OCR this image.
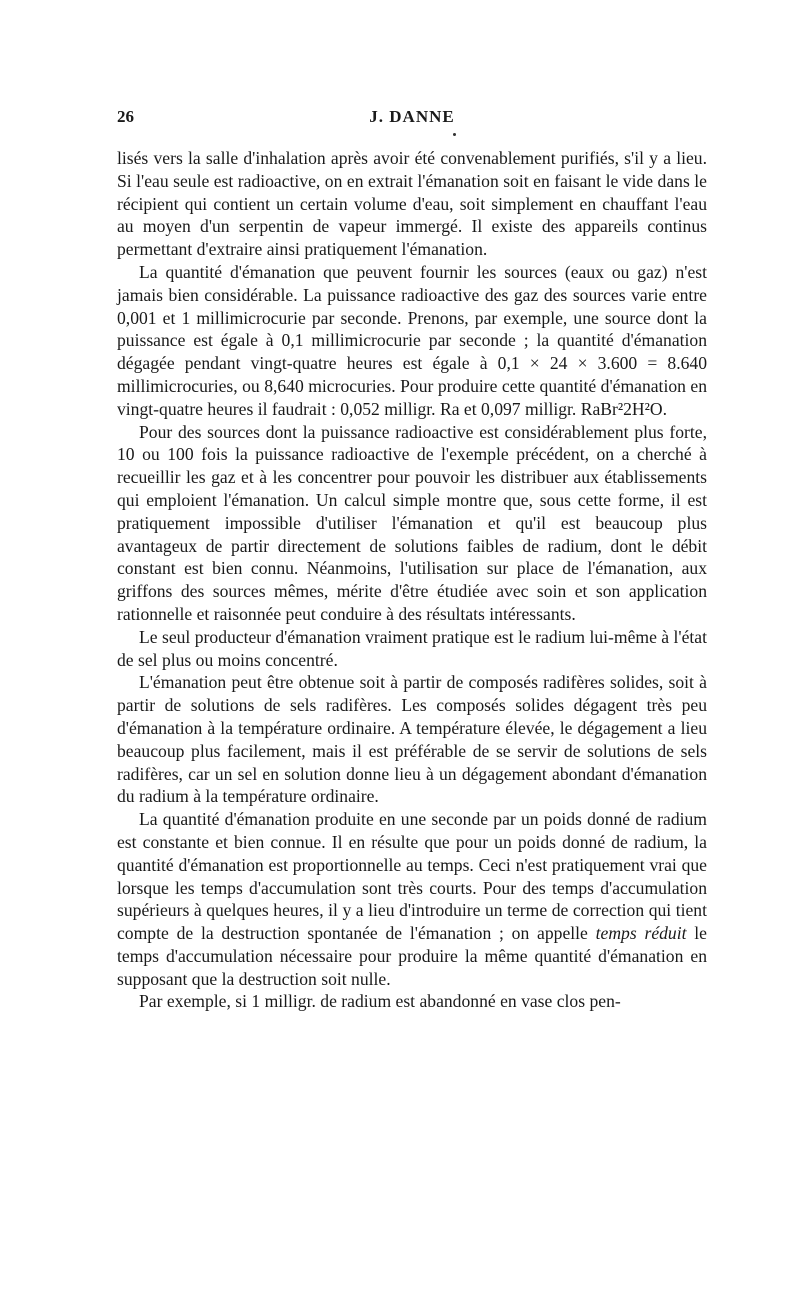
26	J. DANNE

lisés vers la salle d'inhalation après avoir été convenablement purifiés, s'il y a lieu. Si l'eau seule est radioactive, on en extrait l'émanation soit en faisant le vide dans le récipient qui contient un certain volume d'eau, soit simplement en chauffant l'eau au moyen d'un serpentin de vapeur immergé. Il existe des appareils continus permettant d'extraire ainsi pratiquement l'émanation.

La quantité d'émanation que peuvent fournir les sources (eaux ou gaz) n'est jamais bien considérable. La puissance radioactive des gaz des sources varie entre 0,001 et 1 millimicrocurie par seconde. Prenons, par exemple, une source dont la puissance est égale à 0,1 millimicrocurie par seconde ; la quantité d'émanation dégagée pendant vingt-quatre heures est égale à 0,1 × 24 × 3.600 = 8.640 millimicrocuries, ou 8,640 microcuries. Pour produire cette quantité d'émanation en vingt-quatre heures il faudrait : 0,052 milligr. Ra et 0,097 milligr. RaBr²2H²O.

Pour des sources dont la puissance radioactive est considérablement plus forte, 10 ou 100 fois la puissance radioactive de l'exemple précédent, on a cherché à recueillir les gaz et à les concentrer pour pouvoir les distribuer aux établissements qui emploient l'émanation. Un calcul simple montre que, sous cette forme, il est pratiquement impossible d'utiliser l'émanation et qu'il est beaucoup plus avantageux de partir directement de solutions faibles de radium, dont le débit constant est bien connu. Néanmoins, l'utilisation sur place de l'émanation, aux griffons des sources mêmes, mérite d'être étudiée avec soin et son application rationnelle et raisonnée peut conduire à des résultats intéressants.

Le seul producteur d'émanation vraiment pratique est le radium lui-même à l'état de sel plus ou moins concentré.

L'émanation peut être obtenue soit à partir de composés radifères solides, soit à partir de solutions de sels radifères. Les composés solides dégagent très peu d'émanation à la température ordinaire. A température élevée, le dégagement a lieu beaucoup plus facilement, mais il est préférable de se servir de solutions de sels radifères, car un sel en solution donne lieu à un dégagement abondant d'émanation du radium à la température ordinaire.

La quantité d'émanation produite en une seconde par un poids donné de radium est constante et bien connue. Il en résulte que pour un poids donné de radium, la quantité d'émanation est proportionnelle au temps. Ceci n'est pratiquement vrai que lorsque les temps d'accumulation sont très courts. Pour des temps d'accumulation supérieurs à quelques heures, il y a lieu d'introduire un terme de correction qui tient compte de la destruction spontanée de l'émanation ; on appelle temps réduit le temps d'accumulation nécessaire pour produire la même quantité d'émanation en supposant que la destruction soit nulle.

Par exemple, si 1 milligr. de radium est abandonné en vase clos pen-
